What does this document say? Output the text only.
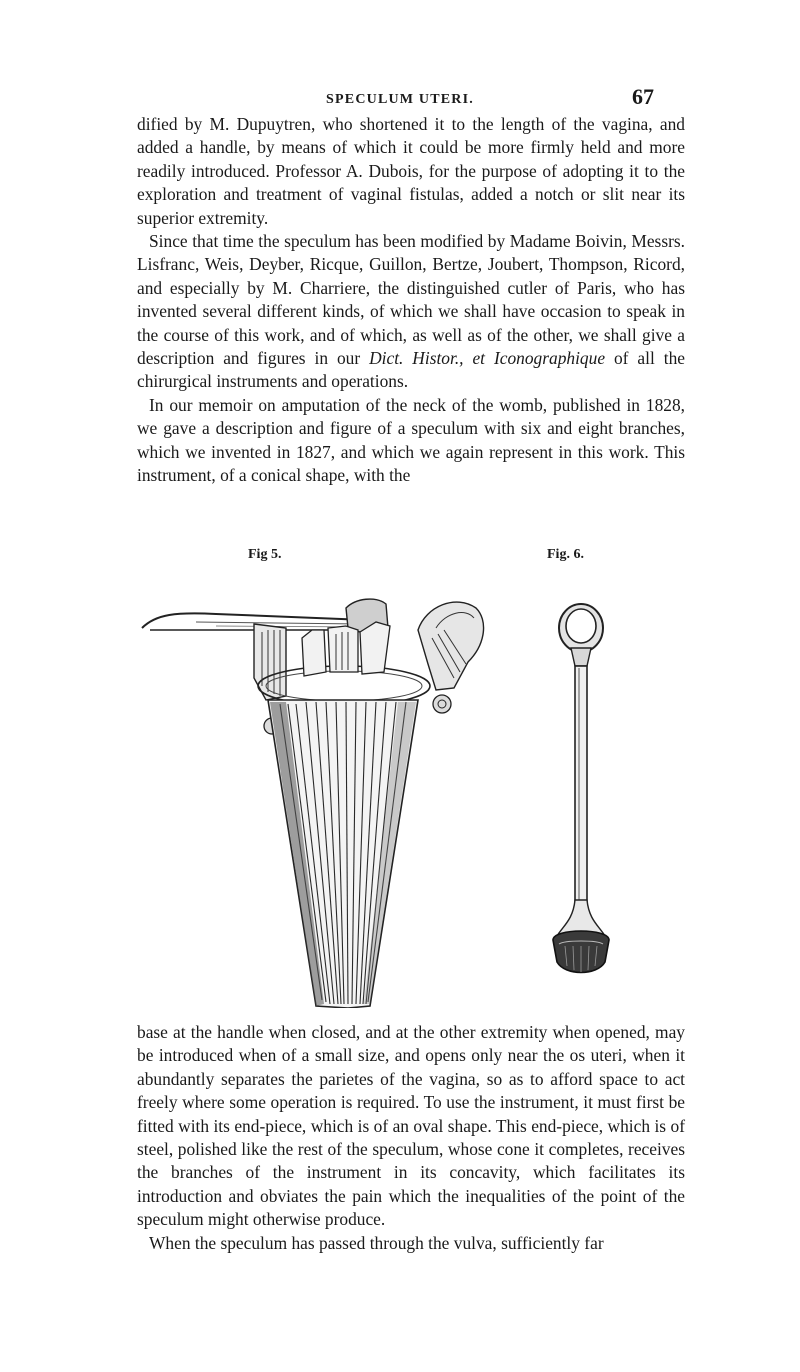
SPECULUM UTERI.	67

dified by M. Dupuytren, who shortened it to the length of the vagina, and added a handle, by means of which it could be more firmly held and more readily introduced. Professor A. Dubois, for the purpose of adopting it to the exploration and treatment of vaginal fistulas, added a notch or slit near its superior extremity.

Since that time the speculum has been modified by Madame Boivin, Messrs. Lisfranc, Weis, Deyber, Ricque, Guillon, Bertze, Joubert, Thompson, Ricord, and especially by M. Charriere, the distinguished cutler of Paris, who has invented several different kinds, of which we shall have occasion to speak in the course of this work, and of which, as well as of the other, we shall give a description and figures in our Dict. Histor., et Iconographique of all the chirurgical instruments and operations.

In our memoir on amputation of the neck of the womb, published in 1828, we gave a description and figure of a speculum with six and eight branches, which we invented in 1827, and which we again represent in this work. This instrument, of a conical shape, with the

Fig 5.	Fig. 6.

base at the handle when closed, and at the other extremity when opened, may be introduced when of a small size, and opens only near the os uteri, when it abundantly separates the parietes of the vagina, so as to afford space to act freely where some operation is required. To use the instrument, it must first be fitted with its end-piece, which is of an oval shape. This end-piece, which is of steel, polished like the rest of the speculum, whose cone it completes, receives the branches of the instrument in its concavity, which facilitates its introduction and obviates the pain which the inequalities of the point of the speculum might otherwise produce.

When the speculum has passed through the vulva, sufficiently far
